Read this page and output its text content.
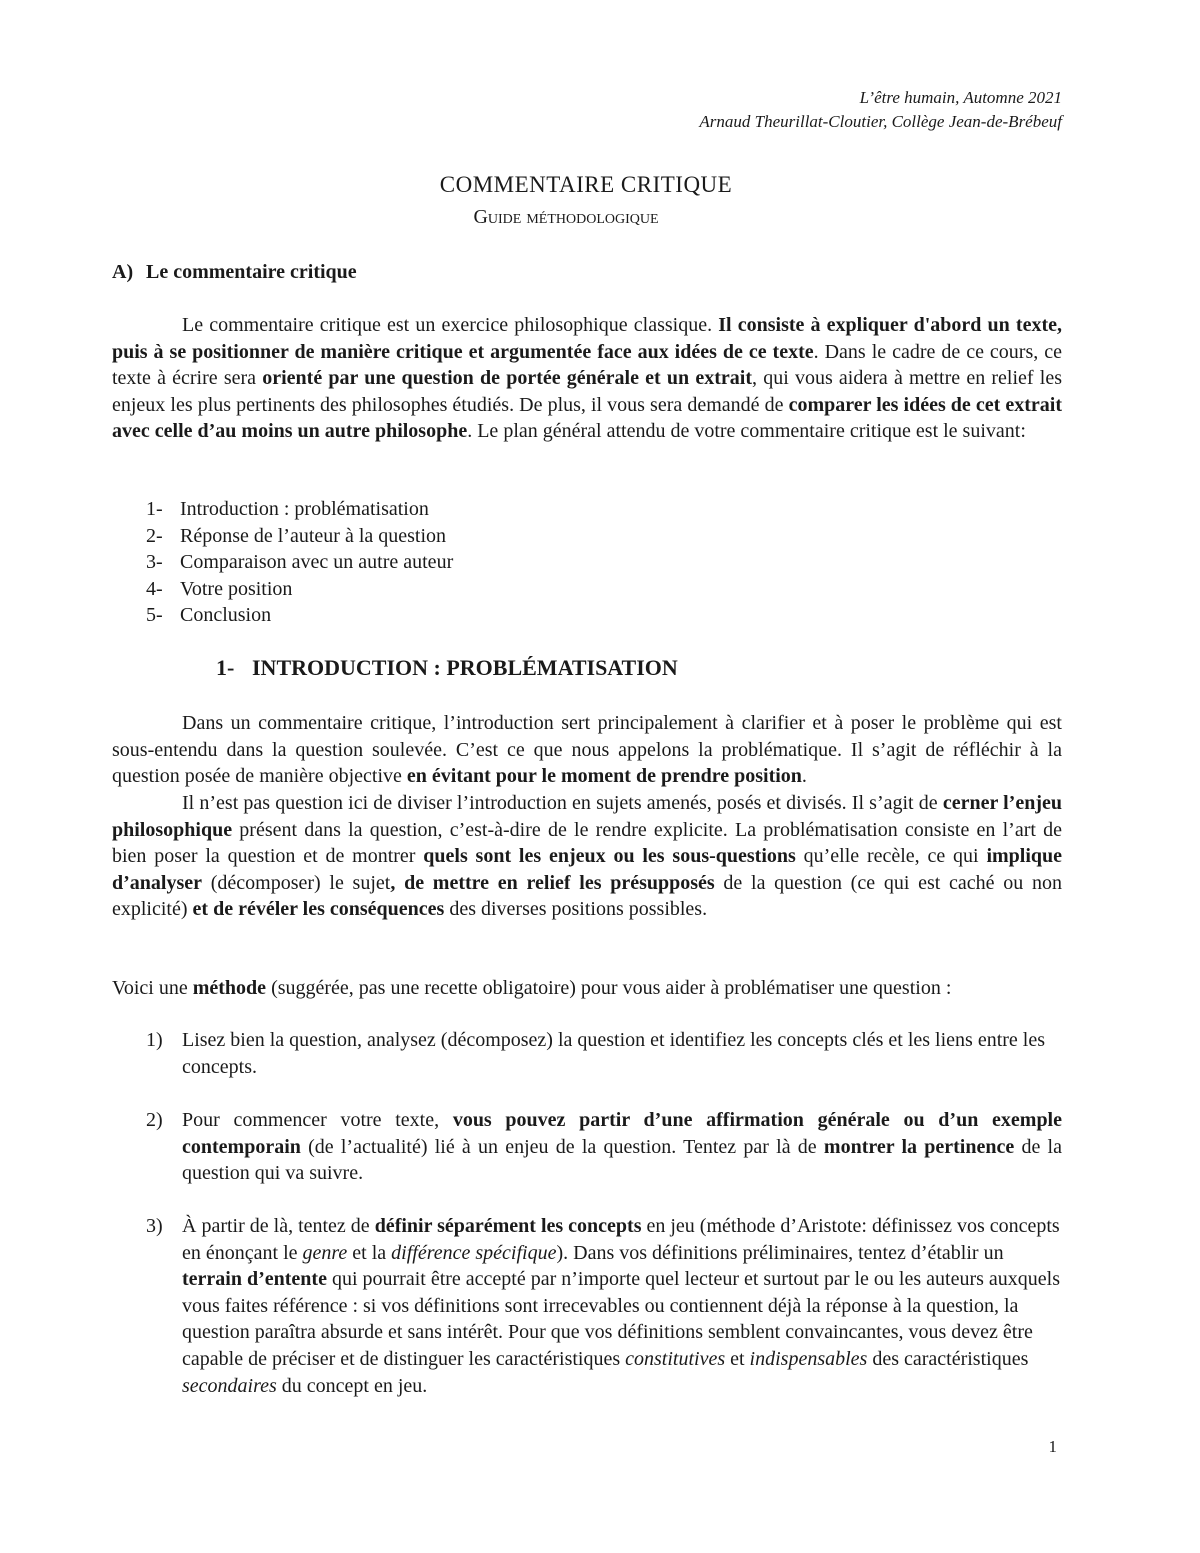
L’être humain, Automne 2021
Arnaud Theurillat-Cloutier, Collège Jean-de-Brébeuf
COMMENTAIRE CRITIQUE
Guide méthodologique
A) Le commentaire critique
Le commentaire critique est un exercice philosophique classique. Il consiste à expliquer d'abord un texte, puis à se positionner de manière critique et argumentée face aux idées de ce texte. Dans le cadre de ce cours, ce texte à écrire sera orienté par une question de portée générale et un extrait, qui vous aidera à mettre en relief les enjeux les plus pertinents des philosophes étudiés. De plus, il vous sera demandé de comparer les idées de cet extrait avec celle d’au moins un autre philosophe. Le plan général attendu de votre commentaire critique est le suivant:
1- Introduction : problématisation
2- Réponse de l’auteur à la question
3- Comparaison avec un autre auteur
4- Votre position
5- Conclusion
1- INTRODUCTION : PROBLÉMATISATION
Dans un commentaire critique, l’introduction sert principalement à clarifier et à poser le problème qui est sous-entendu dans la question soulevée. C’est ce que nous appelons la problématique. Il s’agit de réfléchir à la question posée de manière objective en évitant pour le moment de prendre position.
Il n’est pas question ici de diviser l’introduction en sujets amenés, posés et divisés. Il s’agit de cerner l’enjeu philosophique présent dans la question, c’est-à-dire de le rendre explicite. La problématisation consiste en l’art de bien poser la question et de montrer quels sont les enjeux ou les sous-questions qu’elle recèle, ce qui implique d’analyser (décomposer) le sujet, de mettre en relief les présupposés de la question (ce qui est caché ou non explicité) et de révéler les conséquences des diverses positions possibles.
Voici une méthode (suggérée, pas une recette obligatoire) pour vous aider à problématiser une question :
1) Lisez bien la question, analysez (décomposez) la question et identifiez les concepts clés et les liens entre les concepts.
2) Pour commencer votre texte, vous pouvez partir d’une affirmation générale ou d’un exemple contemporain (de l’actualité) lié à un enjeu de la question. Tentez par là de montrer la pertinence de la question qui va suivre.
3) À partir de là, tentez de définir séparément les concepts en jeu (méthode d’Aristote: définissez vos concepts en énonçant le genre et la différence spécifique). Dans vos définitions préliminaires, tentez d’établir un terrain d’entente qui pourrait être accepté par n’importe quel lecteur et surtout par le ou les auteurs auxquels vous faites référence : si vos définitions sont irrecevables ou contiennent déjà la réponse à la question, la question paraîtra absurde et sans intérêt. Pour que vos définitions semblent convaincantes, vous devez être capable de préciser et de distinguer les caractéristiques constitutives et indispensables des caractéristiques secondaires du concept en jeu.
1
